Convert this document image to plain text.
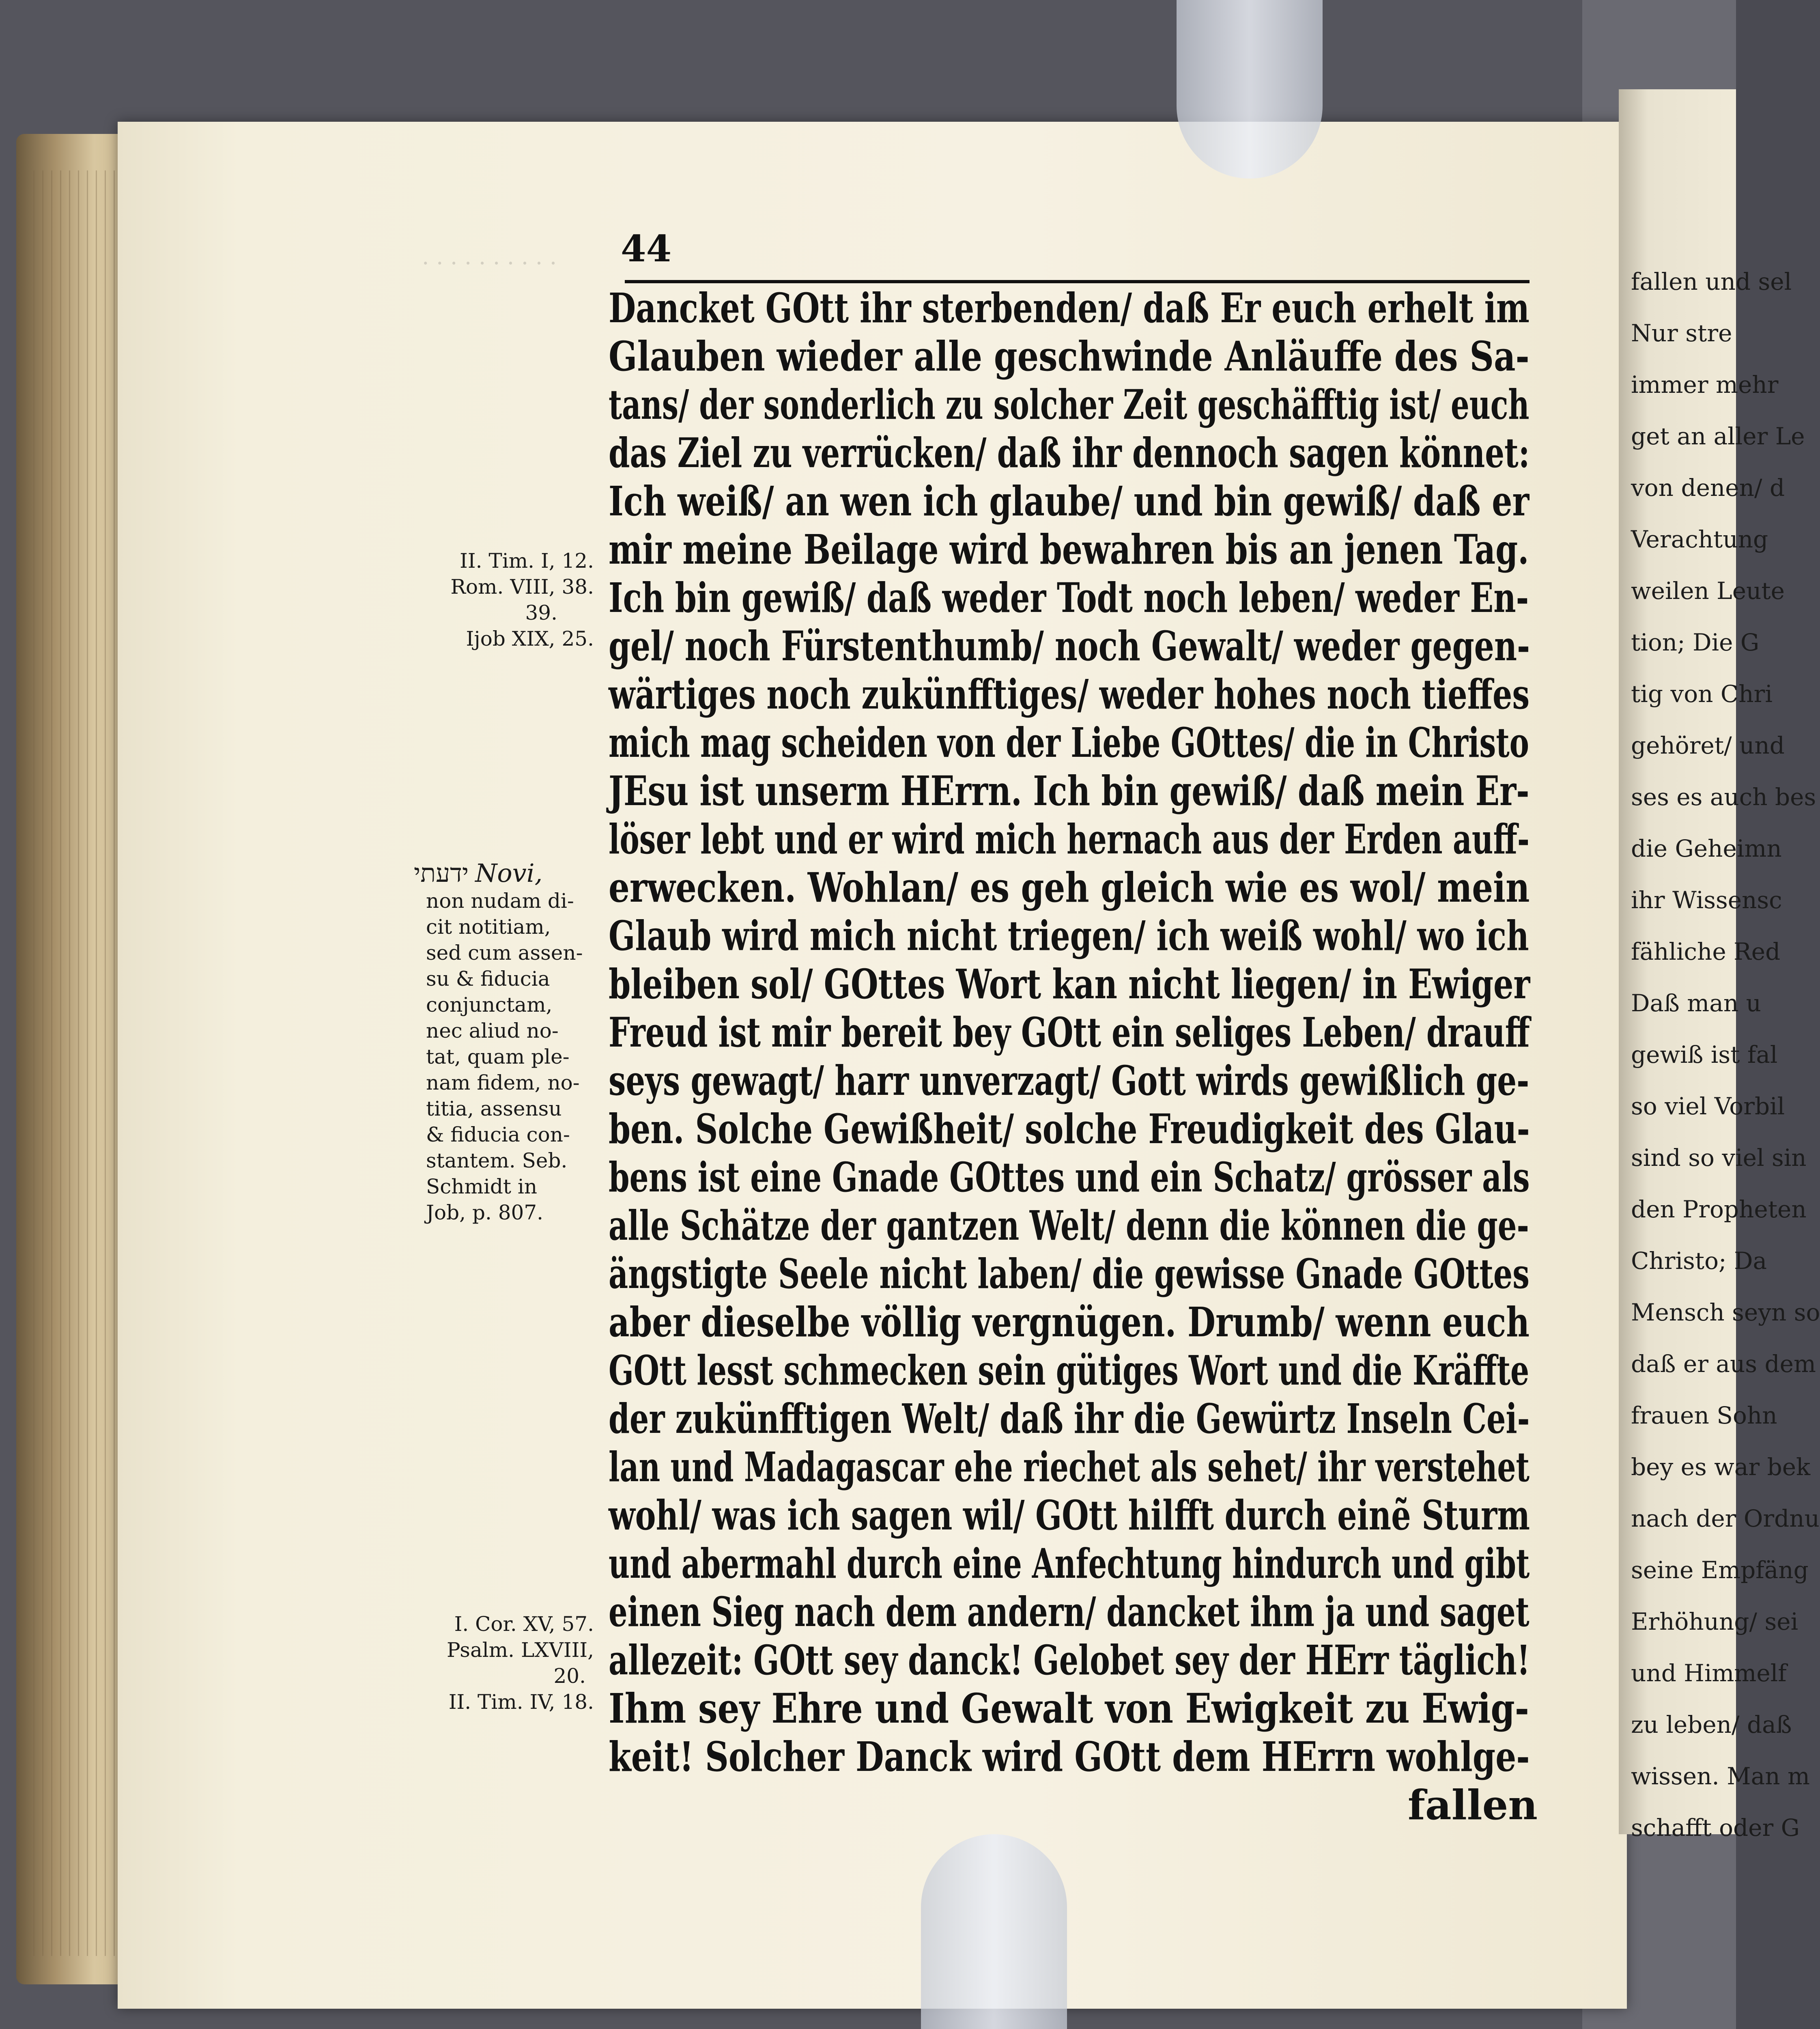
fallen und sel
Nur stre
immer mehr
get an aller Le
von denen/ d
Verachtung
weilen Leute
tion; Die G
tig von Chri
gehöret/ und
ses es auch bes
die Geheimn
ihr Wissensc
fähliche Red
Daß man u
gewiß ist fal
so viel Vorbil
sind so viel sin
den Propheten
Christo; Da
Mensch seyn so
daß er aus dem
frauen Sohn
bey es war bek
nach der Ordnu
seine Empfäng
Erhöhung/ sei
und Himmelf
zu leben/ daß
wissen. Man m
schafft oder G
. . . . . . . . . . 44
Dancket GOtt ihr sterbenden/ daß Er euch erhelt im
Glauben wieder alle geschwinde Anläuffe des Sa-
tans/ der sonderlich zu solcher Zeit geschäfftig ist/ euch
das Ziel zu verrücken/ daß ihr dennoch sagen könnet:
Ich weiß/ an wen ich glaube/ und bin gewiß/ daß er
mir meine Beilage wird bewahren bis an jenen Tag.
Ich bin gewiß/ daß weder Todt noch leben/ weder En-
gel/ noch Fürstenthumb/ noch Gewalt/ weder gegen-
wärtiges noch zukünfftiges/ weder hohes noch tieffes
mich mag scheiden von der Liebe GOttes/ die in Christo
JEsu ist unserm HErrn. Ich bin gewiß/ daß mein Er-
löser lebt und er wird mich hernach aus der Erden auff-
erwecken. Wohlan/ es geh gleich wie es wol/ mein
Glaub wird mich nicht triegen/ ich weiß wohl/ wo ich
bleiben sol/ GOttes Wort kan nicht liegen/ in Ewiger
Freud ist mir bereit bey GOtt ein seliges Leben/ drauff
seys gewagt/ harr unverzagt/ Gott wirds gewißlich ge-
ben. Solche Gewißheit/ solche Freudigkeit des Glau-
bens ist eine Gnade GOttes und ein Schatz/ grösser als
alle Schätze der gantzen Welt/ denn die können die ge-
ängstigte Seele nicht laben/ die gewisse Gnade GOttes
aber dieselbe völlig vergnügen. Drumb/ wenn euch
GOtt lesst schmecken sein gütiges Wort und die Kräffte
der zukünfftigen Welt/ daß ihr die Gewürtz Inseln Cei-
lan und Madagascar ehe riechet als sehet/ ihr verstehet
wohl/ was ich sagen wil/ GOtt hilfft durch einẽ Sturm
und abermahl durch eine Anfechtung hindurch und gibt
einen Sieg nach dem andern/ dancket ihm ja und saget
allezeit: GOtt sey danck! Gelobet sey der HErr täglich!
Ihm sey Ehre und Gewalt von Ewigkeit zu Ewig-
keit! Solcher Danck wird GOtt dem HErrn wohlge-
fallen
II. Tim. I, 12.
Rom. VIII, 38.
39.
Ijob XIX, 25.
ידעתי Novi,
non nudam di-
cit notitiam,
sed cum assen-
su & fiducia
conjunctam,
nec aliud no-
tat, quam ple-
nam fidem, no-
titia, assensu
& fiducia con-
stantem. Seb.
Schmidt in
Job, p. 807.
I. Cor. XV, 57.
Psalm. LXVIII,
20.
II. Tim. IV, 18.
